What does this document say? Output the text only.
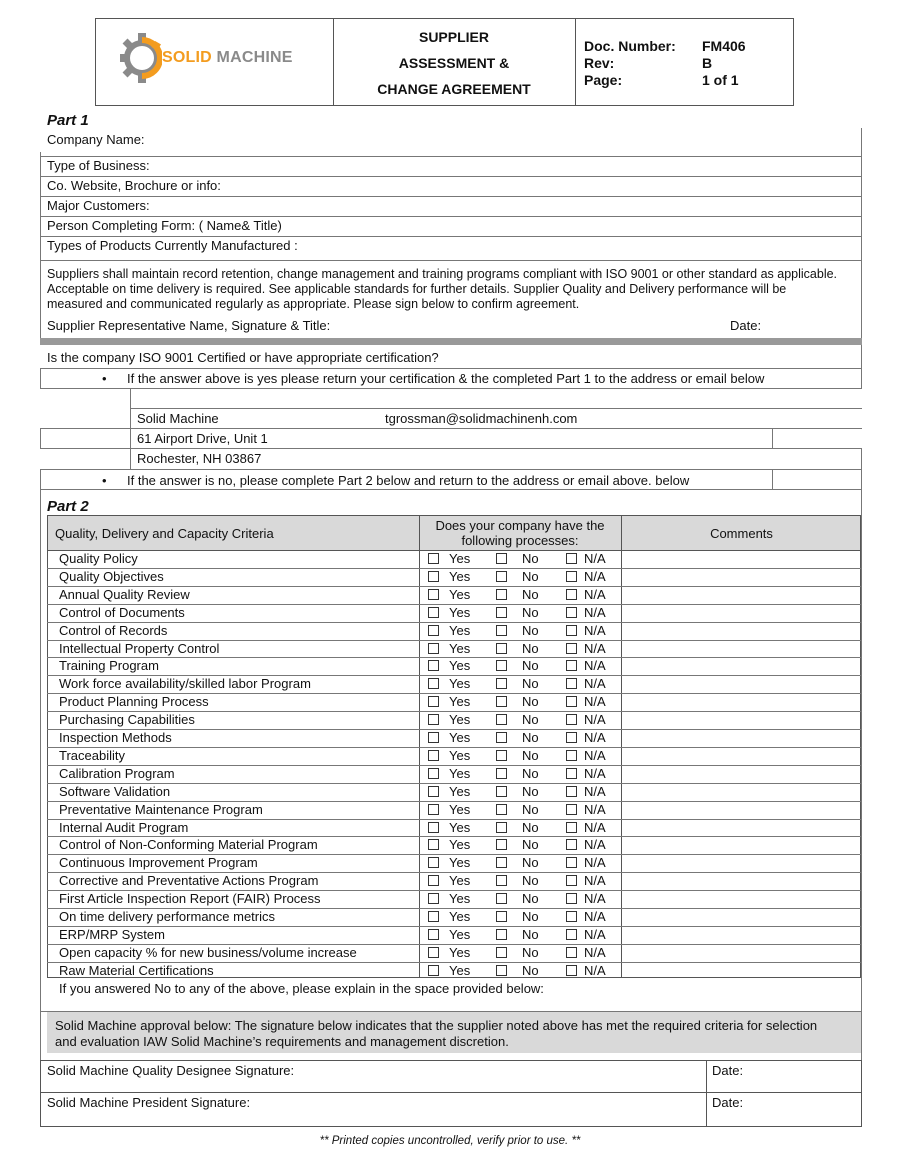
SOLID MACHINE
SUPPLIER
ASSESSMENT &
CHANGE AGREEMENT
Doc. Number: FM406
Rev:	B
Page:	1 of 1
Part 1
Company Name:
Type of Business:
Co. Website, Brochure or info:
Major Customers:
Person Completing Form: ( Name& Title)
Types of Products Currently Manufactured :
Suppliers shall maintain record retention, change management and training programs compliant with ISO 9001 or other standard as applicable.
Acceptable on time delivery is required. See applicable standards for further details. Supplier Quality and Delivery performance will be
measured and communicated regularly as appropriate. Please sign below to confirm agreement.
Supplier Representative Name, Signature & Title:	Date:
Is the company ISO 9001 Certified or have appropriate certification?
• If the answer above is yes please return your certification & the completed Part 1 to the address or email below
Solid Machine	tgrossman@solidmachinenh.com
61 Airport Drive, Unit 1
Rochester, NH 03867
• If the answer is no, please complete Part 2 below and return to the address or email above. below
Part 2
Quality, Delivery and Capacity Criteria
Does your company have the
following processes:	Comments
Quality Policy	Yes	No	N/A
Quality Objectives	Yes	No	N/A
Annual Quality Review	Yes	No	N/A
Control of Documents	Yes	No	N/A
Control of Records	Yes	No	N/A
Intellectual Property Control	Yes	No	N/A
Training Program	Yes	No	N/A
Work force availability/skilled labor Program	Yes	No	N/A
Product Planning Process	Yes	No	N/A
Purchasing Capabilities	Yes	No	N/A
Inspection Methods	Yes	No	N/A
Traceability	Yes	No	N/A
Calibration Program	Yes	No	N/A
Software Validation	Yes	No	N/A
Preventative Maintenance Program	Yes	No	N/A
Internal Audit Program	Yes	No	N/A
Control of Non-Conforming Material Program	Yes	No	N/A
Continuous Improvement Program	Yes	No	N/A
Corrective and Preventative Actions Program	Yes	No	N/A
First Article Inspection Report (FAIR) Process	Yes	No	N/A
On time delivery performance metrics	Yes	No	N/A
ERP/MRP System	Yes	No	N/A
Open capacity % for new business/volume increase	Yes	No	N/A
Raw Material Certifications	Yes	No	N/A
If you answered No to any of the above, please explain in the space provided below:
Solid Machine approval below: The signature below indicates that the supplier noted above has met the required criteria for selection
and evaluation IAW Solid Machine’s requirements and management discretion.
Solid Machine Quality Designee Signature:	Date:
Solid Machine President Signature:	Date:
** Printed copies uncontrolled, verify prior to use. **
